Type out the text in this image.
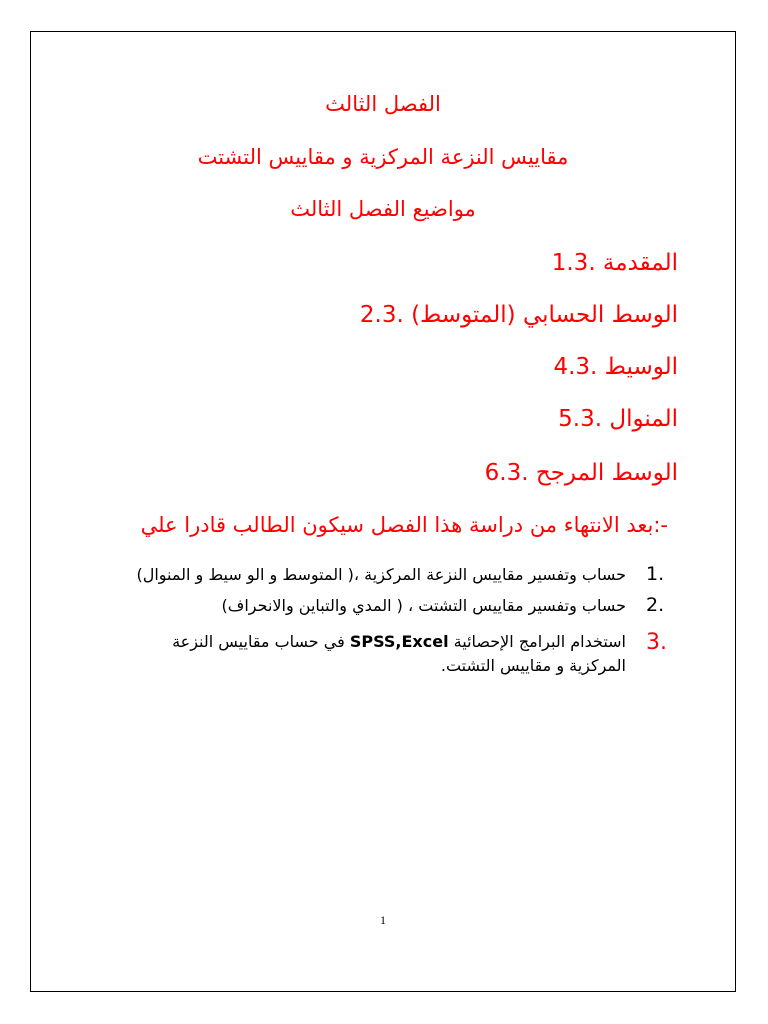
الفصل الثالث
مقاييس النزعة المركزية و مقاييس التشتت
مواضيع الفصل الثالث
المقدمة .1.3
الوسط الحسابي (المتوسط) .2.3
الوسيط .4.3
المنوال .5.3
الوسط المرجح .6.3
-:بعد الانتهاء من دراسة هذا الفصل سيكون الطالب قادرا علي
1.
حساب وتفسير مقاييس النزعة المركزية ،( المتوسط و الو سيط و المنوال)
2.
حساب وتفسير مقاييس التشتت ، ( المدي والتباين والانحراف)
3.
استخدام البرامج الإحصائية SPSS,Excel في حساب مقاييس النزعة المركزية و مقاييس التشتت.
1
